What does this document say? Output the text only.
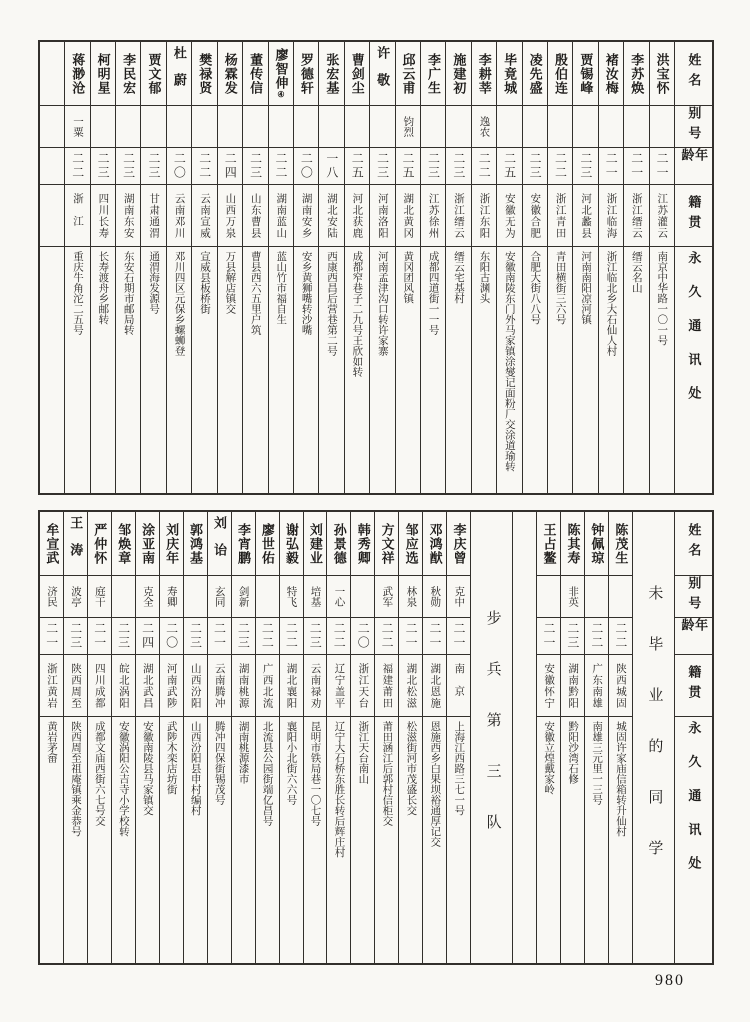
姓名
别号
年龄
籍贯
永久通讯处
洪宝怀
二一
江苏灌云
南京中华路一〇一号
李苏焕
二一
浙江缙云
缙云名山
褚汝梅
二一
浙江临海
浙江临北乡大石仙人村
贾锡峰
二三
河北蠡县
河南南阳凉河镇
殷伯连
二二
浙江青田
青田横街三六号
凌先盛
二三
安徽合肥
合肥大街八八号
毕竟城
二五
安徽无为
安徽南陵东门外马家镇涂燮记面粉厂交涂道瑜转
李耕莘
逸农
二二
浙江东阳
东阳古渊头
施建初
二三
浙江缙云
缙云宅基村
李广生
二三
江苏徐州
成都四道街一一号
邱云甫
钧烈
二五
湖北黄冈
黄冈团风镇
许敬
二三
河南洛阳
河南孟津沟口转许家寨
曹剑尘
二五
河北获鹿
成都窄巷子二九号王欣如转
张宏基
一八
湖北安陆
西康西昌后营巷第二号
罗德轩
二〇
湖南安乡
安乡黄狮嘴转沙嘴
廖智伸④
二二
湖南蓝山
蓝山竹市福自生
董传信
二三
山东曹县
曹县西六五里户筑
杨霖发
二四
山西万泉
万县解店镇交
樊禄贤
二二
云南宣威
宣威县板桥街
杜蔚
二〇
云南邓川
邓川四区元保乡螺蛳登
贾文郁
二三
甘肃通渭
通渭海发源号
李民宏
二三
湖南东安
东安石期市邮局转
柯明星
二三
四川长寿
长寿渡舟乡邮转
蒋渺沧
一粟
二二
浙江
重庆牛角沱二五号
姓名
别号
年龄
籍贯
永久通讯处
未毕业的同学
陈茂生
二二
陕西城固
城固许家庙信箱转升仙村
钟佩琼
二二
广东南雄
南雄三元里一三号
陈其寿
非英
二三
湖南黔阳
黔阳沙湾石修
王占鳌
二一
安徽怀宁
安徽立煌戴家岭
步兵第三队
李庆曾
克中
二一
南京
上海江西路三七一号
邓鸿猷
秋勋
二一
湖北恩施
恩施西乡白果坝裕通厚记交
邹应选
林泉
二一
湖北松滋
松滋街河市茂盛长交
方文祥
武军
二二
福建莆田
莆田涵江后郭村信柜交
韩秀卿
二〇
浙江天台
浙江天台南山
孙景德
一心
二二
辽宁盖平
辽宁大石桥东胜长转后辉庄村
刘建业
培基
二三
云南禄劝
昆明市铁局巷一〇七号
谢弘毅
特飞
二二
湖北襄阳
襄阳小北街六六号
廖世佑
二二
广西北流
北流县公园街端亿昌号
李宵鹏
剑新
二三
湖南桃源
湖南桃源漆市
刘诒
玄同
二一
云南腾冲
腾冲四保街锡茂号
郭鸿基
二三
山西汾阳
山西汾阳县申村编村
刘庆年
寿卿
二〇
河南武陟
武陟木栾店坊街
涂亚南
克全
二四
湖北武昌
安徽南陵县马家镇交
邹焕章
二三
皖北涡阳
安徽涡阳公吉寺小学校转
严仲怀
庭干
二一
四川成都
成都文庙西街六七号交
王涛
波亭
二三
陕西周至
陕西周至祖庵镇乘金恭号
牟宣武
济民
二一
浙江黄岩
黄岩茅畲
980
